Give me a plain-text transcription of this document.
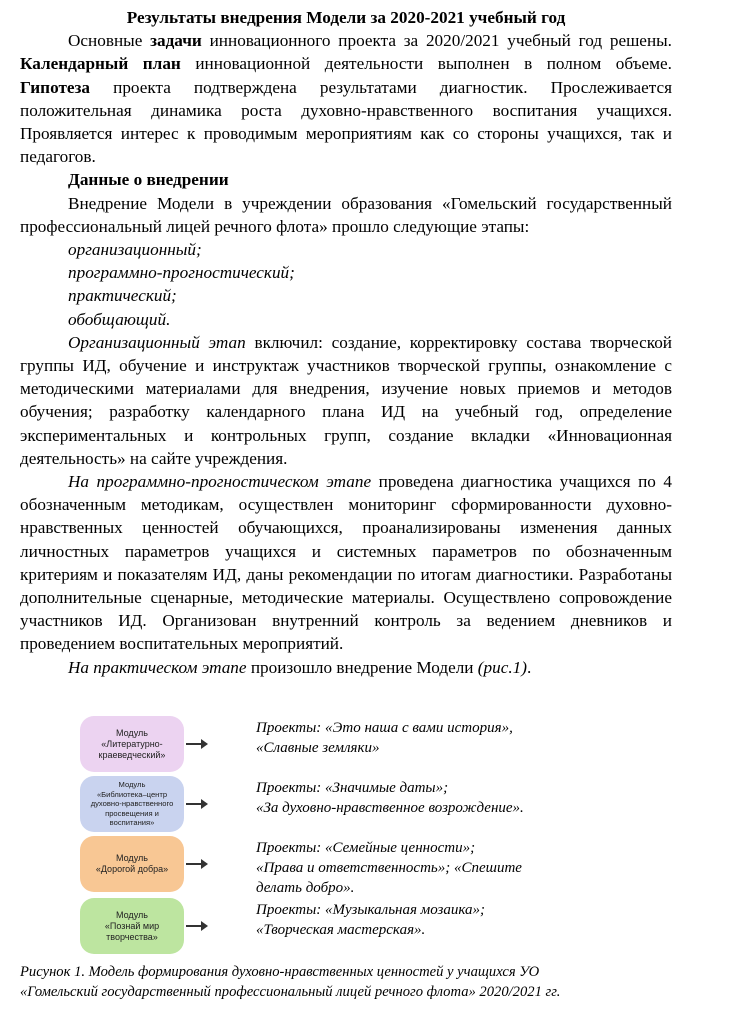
Результаты внедрения Модели за 2020-2021 учебный год

Основные задачи инновационного проекта за 2020/2021 учебный год решены. Календарный план инновационной деятельности выполнен в полном объеме. Гипотеза проекта подтверждена результатами диагностик. Прослеживается положительная динамика роста духовно-нравственного воспитания учащихся. Проявляется интерес к проводимым мероприятиям как со стороны учащихся, так и педагогов.

Данные о внедрении

Внедрение Модели в учреждении образования «Гомельский государственный профессиональный лицей речного флота» прошло следующие этапы:

организационный;
программно-прогностический;
практический;
обобщающий.

Организационный этап включил: создание, корректировку состава творческой группы ИД, обучение и инструктаж участников творческой группы, ознакомление с методическими материалами для внедрения, изучение новых приемов и методов обучения; разработку календарного плана ИД на учебный год, определение экспериментальных и контрольных групп, создание вкладки «Инновационная деятельность» на сайте учреждения.

На программно-прогностическом этапе проведена диагностика учащихся по 4 обозначенным методикам, осуществлен мониторинг сформированности духовно-нравственных ценностей обучающихся, проанализированы изменения данных личностных параметров учащихся и системных параметров по обозначенным критериям и показателям ИД, даны рекомендации по итогам диагностики. Разработаны дополнительные сценарные, методические материалы. Осуществлено сопровождение участников ИД. Организован внутренний контроль за ведением дневников и проведением воспитательных мероприятий.

На практическом этапе произошло внедрение Модели (рис.1).

Модуль
«Литературно-
краеведческий»
Проекты: «Это наша с вами история»,
«Славные земляки»
Модуль
«Библиотека–центр
духовно-нравственного
просвещения и воспитания»
Проекты: «Значимые даты»;
«За духовно-нравственное возрождение».
Модуль
«Дорогой добра»
Проекты: «Семейные ценности»;
«Права и ответственность»; «Спешите
делать добро».
Модуль
«Познай мир
творчества»
Проекты: «Музыкальная мозаика»;
«Творческая мастерская».
Рисунок 1. Модель формирования духовно-нравственных ценностей у учащихся УО
«Гомельский государственный профессиональный лицей речного флота» 2020/2021 гг.
